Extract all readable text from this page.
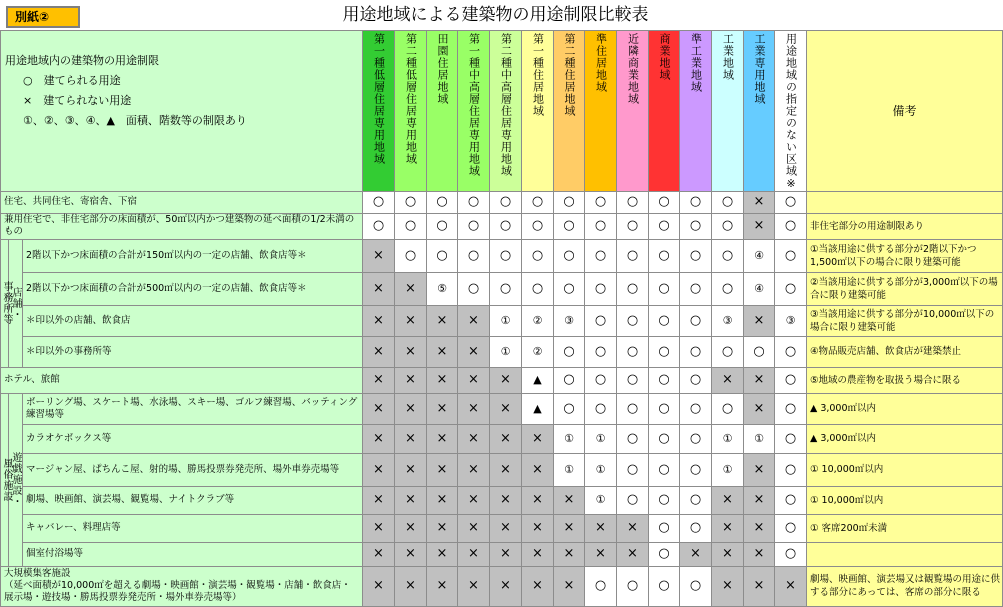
用途地域による建築物の用途制限比較表
別紙②

用途地域内の建築物の用途制限
○　建てられる用途
×　建てられない用途
①、②、③、④、▲　面積、階数等の制限あり			第一種低層住居専用地域	第二種低層住居専用地域	田園住居地域	第一種中高層住居専用地域	第二種中高層住居専用地域	第一種住居地域	第二種住居地域	準住居地域	近隣商業地域	商業地域	準工業地域	工業地域	工業専用地域	用途地域の指定のない区域※	備考
住宅、共同住宅、寄宿舎、下宿			○	○	○	○	○	○	○	○	○	○	○	○	×	○	
兼用住宅で、非住宅部分の床面積が、50㎡以内かつ建築物の延べ面積の1/2未満のもの			○	○	○	○	○	○	○	○	○	○	○	○	×	○	非住宅部分の用途制限あり

事務所等	店舗・	2階以下かつ床面積の合計が150㎡以内の一定の店舗、飲食店等＊	×	○	○	○	○	○	○	○	○	○	○	○	④	○	①当該用途に供する部分が2階以下かつ1,500㎡以下の場合に限り建築可能
		2階以下かつ床面積の合計が500㎡以内の一定の店舗、飲食店等＊	×	×	⑤	○	○	○	○	○	○	○	○	○	④	○	②当該用途に供する部分が3,000㎡以下の場合に限り建築可能
		＊印以外の店舗、飲食店	×	×	×	×	①	②	③	○	○	○	○	③	×	③	③当該用途に供する部分が10,000㎡以下の場合に限り建築可能
		＊印以外の事務所等	×	×	×	×	①	②	○	○	○	○	○	○	○	○	④物品販売店舗、飲食店が建築禁止
ホテル、旅館			×	×	×	×	×	▲	○	○	○	○	○	×	×	○	⑤地域の農産物を取扱う場合に限る

風俗施設	遊戯施設・	ボーリング場、スケート場、水泳場、スキー場、ゴルフ練習場、バッティング練習場等	×	×	×	×	×	▲	○	○	○	○	○	○	×	○	▲ 3,000㎡以内
		カラオケボックス等	×	×	×	×	×	×	①	①	○	○	○	①	①	○	▲ 3,000㎡以内
		マージャン屋、ぱちんこ屋、射的場、勝馬投票券発売所、場外車券売場等	×	×	×	×	×	×	①	①	○	○	○	①	×	○	① 10,000㎡以内
		劇場、映画館、演芸場、観覧場、ナイトクラブ等	×	×	×	×	×	×	×	①	○	○	○	×	×	○	① 10,000㎡以内
		キャバレー、料理店等	×	×	×	×	×	×	×	×	×	○	○	×	×	○	① 客席200㎡未満
		個室付浴場等	×	×	×	×	×	×	×	×	×	○	×	×	×	○	

大規模集客施設
（延べ面積が10,000㎡を超える劇場・映画館・演芸場・観覧場・店舗・飲食店・
展示場・遊技場・勝馬投票券発売所・場外車券売場等）			×	×	×	×	×	×	×	○	○	○	○	×	×	×	劇場、映画館、演芸場又は観覧場の用途に供する部分にあっては、客席の部分に限る
